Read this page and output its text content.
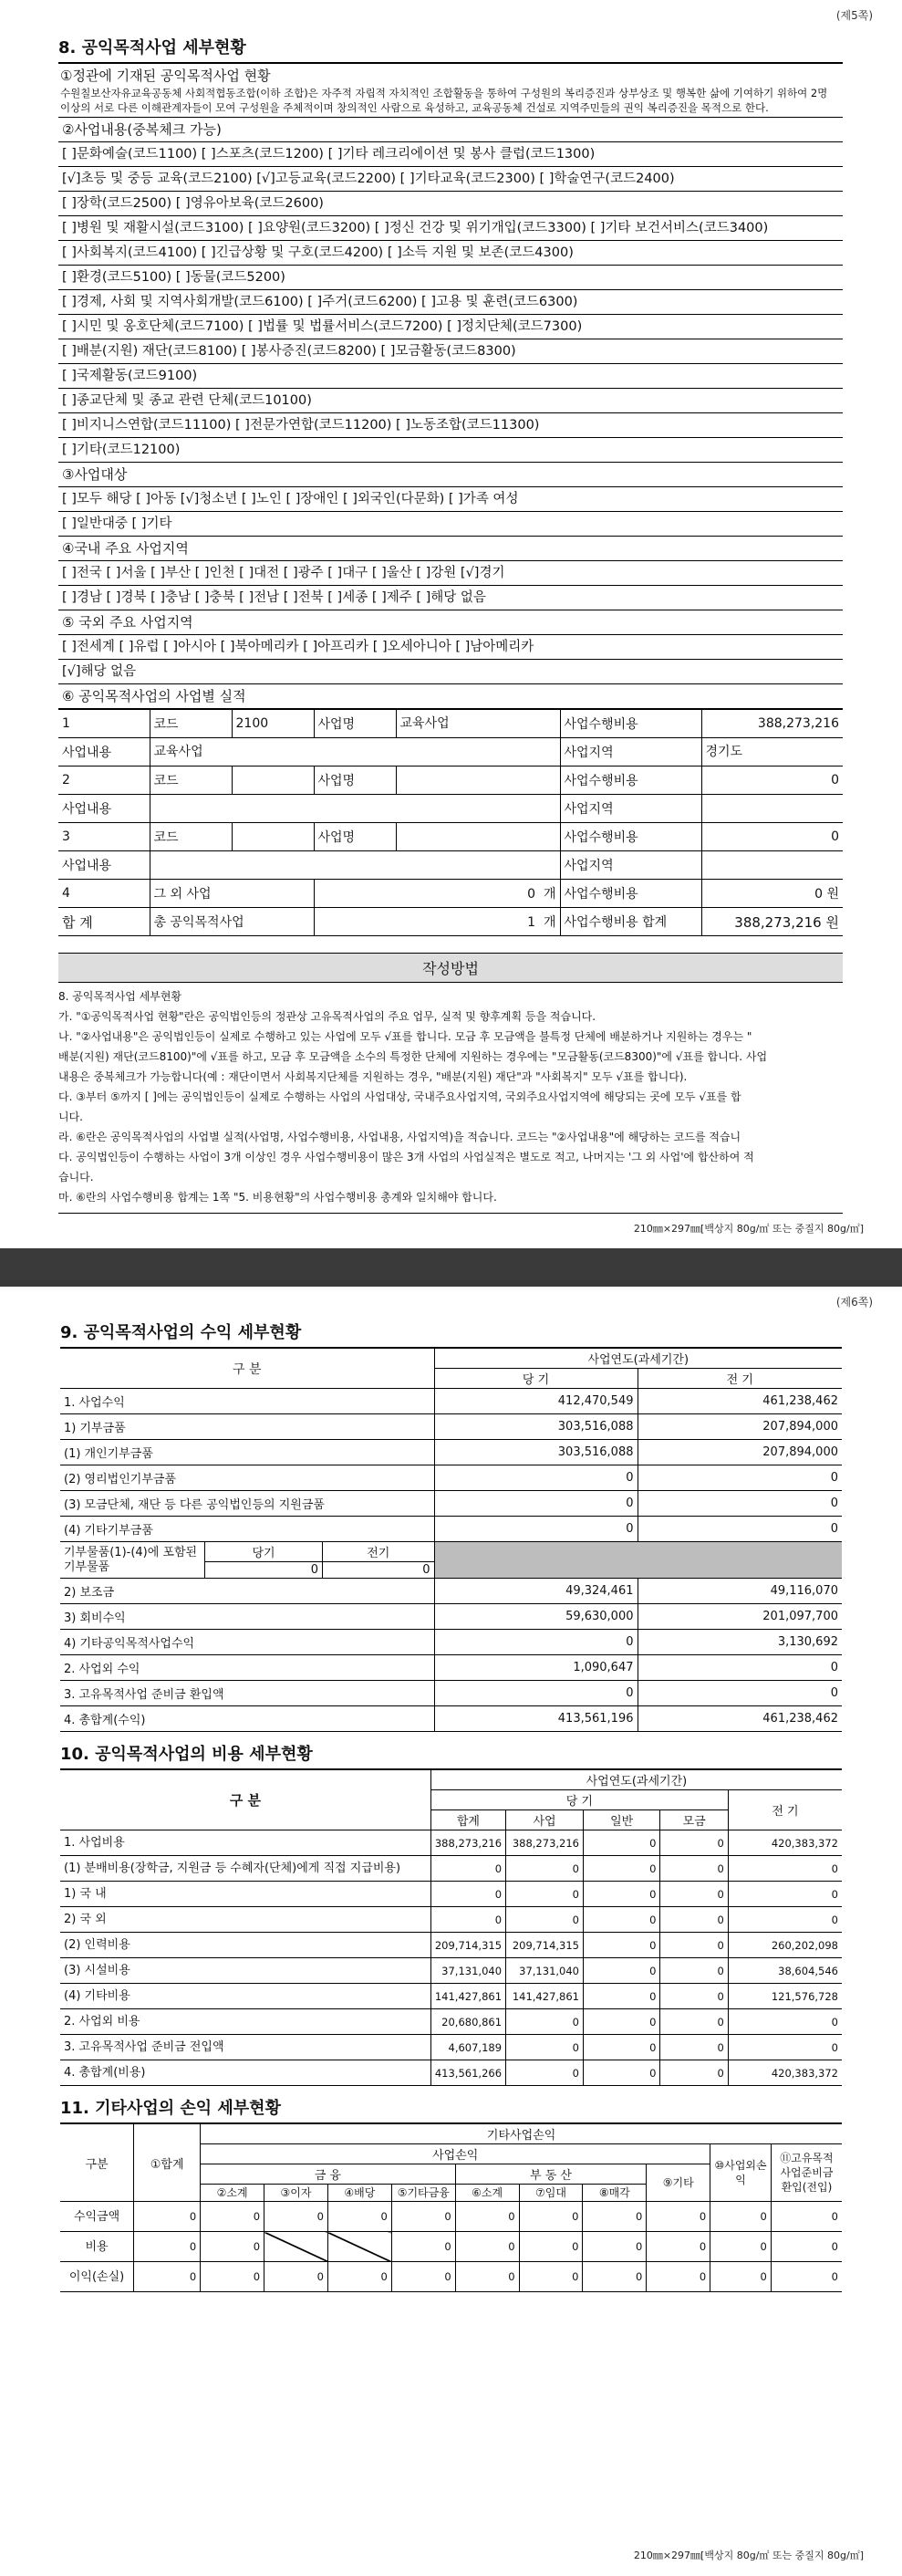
(제5쪽)
8. 공익목적사업 세부현황
①정관에 기재된 공익목적사업 현황
수원칠보산자유교육공동체 사회적협동조합(이하 조합)은 자주적 자립적 자치적인 조합활동을 통하여 구성원의 복리증진과 상부상조 및 행복한 삶에 기여하기 위하여 2명 이상의 서로 다른 이해관계자들이 모여 구성원을 주체적이며 창의적인 사람으로 육성하고, 교육공동체 건설로 지역주민들의 권익 복리증진을 목적으로 한다.
②사업내용(중복체크 가능)
[ ]문화예술(코드1100) [ ]스포츠(코드1200) [ ]기타 레크리에이션 및 봉사 클럽(코드1300)
[√]초등 및 중등 교육(코드2100) [√]고등교육(코드2200) [ ]기타교육(코드2300) [ ]학술연구(코드2400)
[ ]장학(코드2500) [ ]영유아보육(코드2600)
[ ]병원 및 재활시설(코드3100) [ ]요양원(코드3200) [ ]정신 건강 및 위기개입(코드3300) [ ]기타 보건서비스(코드3400)
[ ]사회복지(코드4100) [ ]긴급상황 및 구호(코드4200) [ ]소득 지원 및 보존(코드4300)
[ ]환경(코드5100) [ ]동물(코드5200)
[ ]경제, 사회 및 지역사회개발(코드6100) [ ]주거(코드6200) [ ]고용 및 훈련(코드6300)
[ ]시민 및 옹호단체(코드7100) [ ]법률 및 법률서비스(코드7200) [ ]정치단체(코드7300)
[ ]배분(지원) 재단(코드8100) [ ]봉사증진(코드8200) [ ]모금활동(코드8300)
[ ]국제활동(코드9100)
[ ]종교단체 및 종교 관련 단체(코드10100)
[ ]비지니스연합(코드11100) [ ]전문가연합(코드11200) [ ]노동조합(코드11300)
[ ]기타(코드12100)
③사업대상
[ ]모두 해당 [ ]아동 [√]청소년 [ ]노인 [ ]장애인 [ ]외국인(다문화) [ ]가족 여성
[ ]일반대중 [ ]기타
④국내 주요 사업지역
[ ]전국 [ ]서울 [ ]부산 [ ]인천 [ ]대전 [ ]광주 [ ]대구 [ ]울산 [ ]강원 [√]경기
[ ]경남 [ ]경북 [ ]충남 [ ]충북 [ ]전남 [ ]전북 [ ]세종 [ ]제주 [ ]해당 없음
⑤ 국외 주요 사업지역
[ ]전세계 [ ]유럽 [ ]아시아 [ ]북아메리카 [ ]아프리카 [ ]오세아니아 [ ]남아메리카
[√]해당 없음
⑥ 공익목적사업의 사업별 실적
1	코드	2100	사업명	교육사업	사업수행비용	388,273,216
사업내용	교육사업				사업지역	경기도
2	코드		사업명		사업수행비용	0
사업내용					사업지역	
3	코드		사업명		사업수행비용	0
사업내용					사업지역	
4	그 외 사업		0 개		사업수행비용	0 원
합 계	총 공익목적사업		1 개		사업수행비용 합계	388,273,216 원
작성방법
8. 공익목적사업 세부현황
가. "①공익목적사업 현황"란은 공익법인등의 정관상 고유목적사업의 주요 업무, 실적 및 향후계획 등을 적습니다.
나. "②사업내용"은 공익법인등이 실제로 수행하고 있는 사업에 모두 √표를 합니다. 모금 후 모금액을 불특정 단체에 배분하거나 지원하는 경우는 "
배분(지원) 재단(코드8100)"에 √표를 하고, 모금 후 모금액을 소수의 특정한 단체에 지원하는 경우에는 "모금활동(코드8300)"에 √표를 합니다. 사업
내용은 중복체크가 가능합니다(예 : 재단이면서 사회복지단체를 지원하는 경우, "배분(지원) 재단"과 "사회복지" 모두 √표를 합니다).
다. ③부터 ⑤까지 [ ]에는 공익법인등이 실제로 수행하는 사업의 사업대상, 국내주요사업지역, 국외주요사업지역에 해당되는 곳에 모두 √표를 합
니다.
라. ⑥란은 공익목적사업의 사업별 실적(사업명, 사업수행비용, 사업내용, 사업지역)을 적습니다. 코드는 "②사업내용"에 해당하는 코드를 적습니
다. 공익법인등이 수행하는 사업이 3개 이상인 경우 사업수행비용이 많은 3개 사업의 사업실적은 별도로 적고, 나머지는 '그 외 사업'에 합산하여 적
습니다.
마. ⑥란의 사업수행비용 합계는 1쪽 "5. 비용현황"의 사업수행비용 총계와 일치해야 합니다.
210㎜×297㎜[백상지 80g/㎡ 또는 중질지 80g/㎡]
(제6쪽)
9. 공익목적사업의 수익 세부현황
구 분	사업연도(과세기간)
당 기	전 기
1. 사업수익	412,470,549	461,238,462
1) 기부금품	303,516,088	207,894,000
(1) 개인기부금품	303,516,088	207,894,000
(2) 영리법인기부금품	0	0
(3) 모금단체, 재단 등 다른 공익법인등의 지원금품	0	0
(4) 기타기부금품	0	0

기부물품(1)-(4)에 포함된 기부물품	당기	전기
0	0

2) 보조금	49,324,461	49,116,070
3) 회비수익	59,630,000	201,097,700
4) 기타공익목적사업수익	0	3,130,692
2. 사업외 수익	1,090,647	0
3. 고유목적사업 준비금 환입액	0	0
4. 총합계(수익)	413,561,196	461,238,462
10. 공익목적사업의 비용 세부현황
구 분	사업연도(과세기간)				
	당 기				전 기
	합계	사업	일반	모금	
1. 사업비용	388,273,216	388,273,216	0	0	420,383,372
(1) 분배비용(장학금, 지원금 등 수혜자(단체)에게 직접 지급비용)	0	0	0	0	0
1) 국 내	0	0	0	0	0
2) 국 외	0	0	0	0	0
(2) 인력비용	209,714,315	209,714,315	0	0	260,202,098
(3) 시설비용	37,131,040	37,131,040	0	0	38,604,546
(4) 기타비용	141,427,861	141,427,861	0	0	121,576,728
2. 사업외 비용	20,680,861	0	0	0	0
3. 고유목적사업 준비금 전입액	4,607,189	0	0	0	0
4. 총합계(비용)	413,561,266	0	0	0	420,383,372
11. 기타사업의 손익 세부현황
구분	①합계	기타사업손익									
		사업손익								⑩사업외손익	⑪고유목적사업준비금환입(전입)
		금 융				부 동 산			⑨기타		
		②소계	③이자	④배당	⑤기타금융	⑥소계	⑦임대	⑧매각			
수익금액	0	0	0	0	0	0	0	0	0	0	0
비용	0	0			0	0	0	0	0	0	0
이익(손실)	0	0	0	0	0	0	0	0	0	0	0
210㎜×297㎜[백상지 80g/㎡ 또는 중질지 80g/㎡]
